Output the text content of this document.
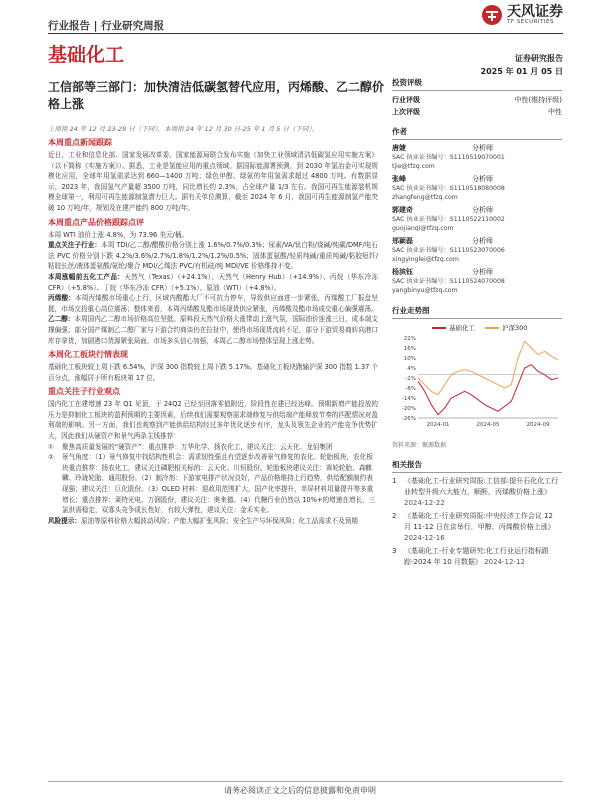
行业报告 | 行业研究周报
天风证券
TF SECURITIES
基础化工	证券研究报告
2025 年 01 月 05 日
工信部等三部门：加快清洁低碳氢替代应用，丙烯酸、乙二醇价格上涨
上周指 24 年 12 月 23-29 日（下同），本周指 24 年 12 月 30 日-25 年 1 月 5 日（下同）。
本周重点新闻跟踪
近日，工业和信息化部、国家发展改革委、国家能源局联合发布实施《加快工业领域清洁低碳氢应用实施方案》（以下简称《实施方案》）。据悉，工业是氢能应用的重点领域。据国际能源署预测，到 2030 年氢冶金可实现规模化应用，全球年用氢需求达到 660—1400 万吨；绿色甲醇、绿氨的年用氢需求超过 4800 万吨。有数据显示，2023 年，我国氢气产量超 3500 万吨，同比增长约 2.3%，占全球产量 1/3 左右。我国可再生能源装机规模全球第一，利用可再生能源制氢潜力巨大。据有关单位测算，截至 2024 年 6 月，我国可再生能源制氢产能突破 10 万吨/年，规划及在建产能约 800 万吨/年。
本周重点产品价格跟踪点评
本周 WTI 油价上涨 4.8%，为 73.96 美元/桶。
重点关注子行业：本周 TDI/乙二醇/醋酸价格分别上涨 1.6%/0.7%/0.3%；尿素/VA/钛白粉/烧碱/纯碳/DMF/电石法 PVC 价格分别下跌 4.2%/3.6%/2.7%/1.8%/1.2%/1.2%/0.5%；固体蛋氨酸/轻质纯碱/重质纯碱/粘胶短纤/粘胶长丝/液体蛋氨酸/氨纶/聚合 MDI/乙烯法 PVC/有机硅/纯 MDI/VE 价格维持不变。
本周涨幅前五化工产品：天然气（Texas）（+24.1%）、天然气（Henry Hub）（+14.9%）、丙烷（华东冷冻 CFR）（+5.8%）、丁烷（华东冷冻 CFR）（+5.1%）、原油（WTI）（+4.8%）。
丙烯酸：本周丙烯酸市场重心上行，区域内酸酯大厂不可抗力停车，导致供应面进一步紧张，丙烯酸工厂报盘坚挺，市场交投重心高位震荡；整体来看，本周丙烯酸及酯市场现货供应紧张，丙烯酸及酯市场成交重心偏强震荡。
乙二醇：本周国内乙二醇市场价格高位坚挺。原料段天然气价格大涨带动上涨气氛，国际油价连涨三日，成本端支撑偏强；部分国产煤制乙二醇厂家与下游合约商谈仍在拉扯中，使得市场现货流转不足，部分下游贸易商转向港口库存拿货，加剧港口货源紧张局面，市场多头信心加强，本周乙二醇市场整体呈现上涨走势。
本周化工板块行情表现
基础化工板块较上周下跌 6.54%，沪深 300 指数较上周下跌 5.17%。基础化工板块跑输沪深 300 指数 1.37 个百分点，涨幅居于所有板块第 17 位。
重点关注子行业观点
国内化工在建增速 23 年 Q1 见顶，于 24Q2 已经至回落零值附近，阶段性在建已经达峰。预期新增产能投放的压力是抑制化工板块的盈利预期的主要因素，后续我们需要观察需求端修复与供给端产能释放节奏的匹配情况对盈利端的影响。另一方面，我们也观察到产能供给结构经过多年优化逐步有序，龙头及领先企业的产能竞争优势扩大，因此我们从硬资产和景气两条主线推荐：
①	聚焦高质量发展的“硬资产”：重点推荐：万华化学、扬农化工，建议关注：云天化、龙佰集团
②	景气角度：（1）景气修复中找结构性机会：需求韧性强且有望逐步改善景气修复的农化、轮胎板块，农化板块重点推荐：扬农化工，建议关注磷肥相关标的：云天化、川恒股份。轮胎板块建议关注：赛轮轮胎、森麒麟、玲珑轮胎、通用股份。（2）制冷剂：下游家电排产状况良好，产品价格维持上行趋势，供给配额制约表现强；建议关注：巨化股份。（3）OLED 材料：迎政用范围扩大，国产化率提升，单屏材料用量提升等多重增长；重点推荐：莱特光电、万润股份，建议关注：奥来德。（4）代糖行业仍然以 10%+的增速在增长，三氯供需稳定，双寡头竞争成长性好，有较大弹性，建议关注：金禾实业。
风险提示：原油等原料价格大幅波动风险；产能大幅扩张风险；安全生产与环保风险；化工品需求不及预期
投资评级
行业评级	中性(维持评级)
上次评级	中性
作者
唐婕	分析师
SAC 执业证书编号：S1110519070001
tjie@tfzq.com
张峰	分析师
SAC 执业证书编号：S1110518080008
zhangfeng@tfzq.com
郭建奇	分析师
SAC 执业证书编号：S1110522110002
guojianqi@tfzq.com
邢颖磊	分析师
SAC 执业证书编号：S1110523070006
xingyinglei@tfzq.com
杨滨钰	分析师
SAC 执业证书编号：S1110524070008
yangbinyu@tfzq.com
行业走势图
基础化工	沪深300
22%
16%
10%
4%
-2%
-8%
-14%
-20%
-26%
2024-01	2024-05	2024-09
资料来源：聚源数据
相关报告
1	《基础化工-行业研究周报:工信部:提升石化化工行业转型升级六大能力，顺酐、丙烯酸价格上涨》 2024-12-22
2	《基础化工-行业研究周报:中央经济工作会议 12 月 11-12 日在京举行，甲醇、丙烯酸价格上涨》 2024-12-16
3	《基础化工-行业专题研究:化工行业运行指标跟踪-2024 年 10 月数据》 2024-12-12
请务必阅读正文之后的信息披露和免责申明
